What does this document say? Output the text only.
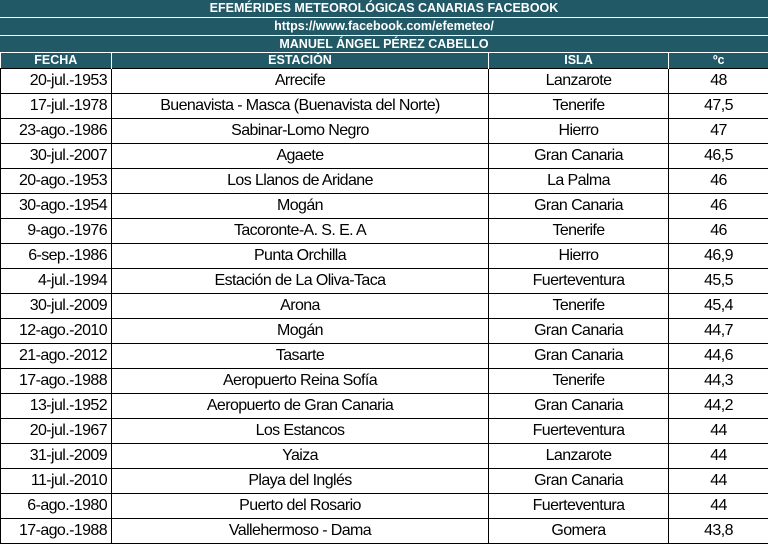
EFEMÉRIDES METEOROLÓGICAS CANARIAS FACEBOOK
https://www.facebook.com/efemeteo/
MANUEL ÁNGEL PÉREZ CABELLO
FECHA	ESTACIÓN	ISLA	ºc
20-jul.-1953	Arrecife	Lanzarote	48
17-jul.-1978	Buenavista - Masca (Buenavista del Norte)	Tenerife	47,5
23-ago.-1986	Sabinar-Lomo Negro	Hierro	47
30-jul.-2007	Agaete	Gran Canaria	46,5
20-ago.-1953	Los Llanos de Aridane	La Palma	46
30-ago.-1954	Mogán	Gran Canaria	46
9-ago.-1976	Tacoronte-A. S. E. A	Tenerife	46
6-sep.-1986	Punta Orchilla	Hierro	46,9
4-jul.-1994	Estación de La Oliva-Taca	Fuerteventura	45,5
30-jul.-2009	Arona	Tenerife	45,4
12-ago.-2010	Mogán	Gran Canaria	44,7
21-ago.-2012	Tasarte	Gran Canaria	44,6
17-ago.-1988	Aeropuerto Reina Sofía	Tenerife	44,3
13-jul.-1952	Aeropuerto de Gran Canaria	Gran Canaria	44,2
20-jul.-1967	Los Estancos	Fuerteventura	44
31-jul.-2009	Yaiza	Lanzarote	44
11-jul.-2010	Playa del Inglés	Gran Canaria	44
6-ago.-1980	Puerto del Rosario	Fuerteventura	44
17-ago.-1988	Vallehermoso - Dama	Gomera	43,8
